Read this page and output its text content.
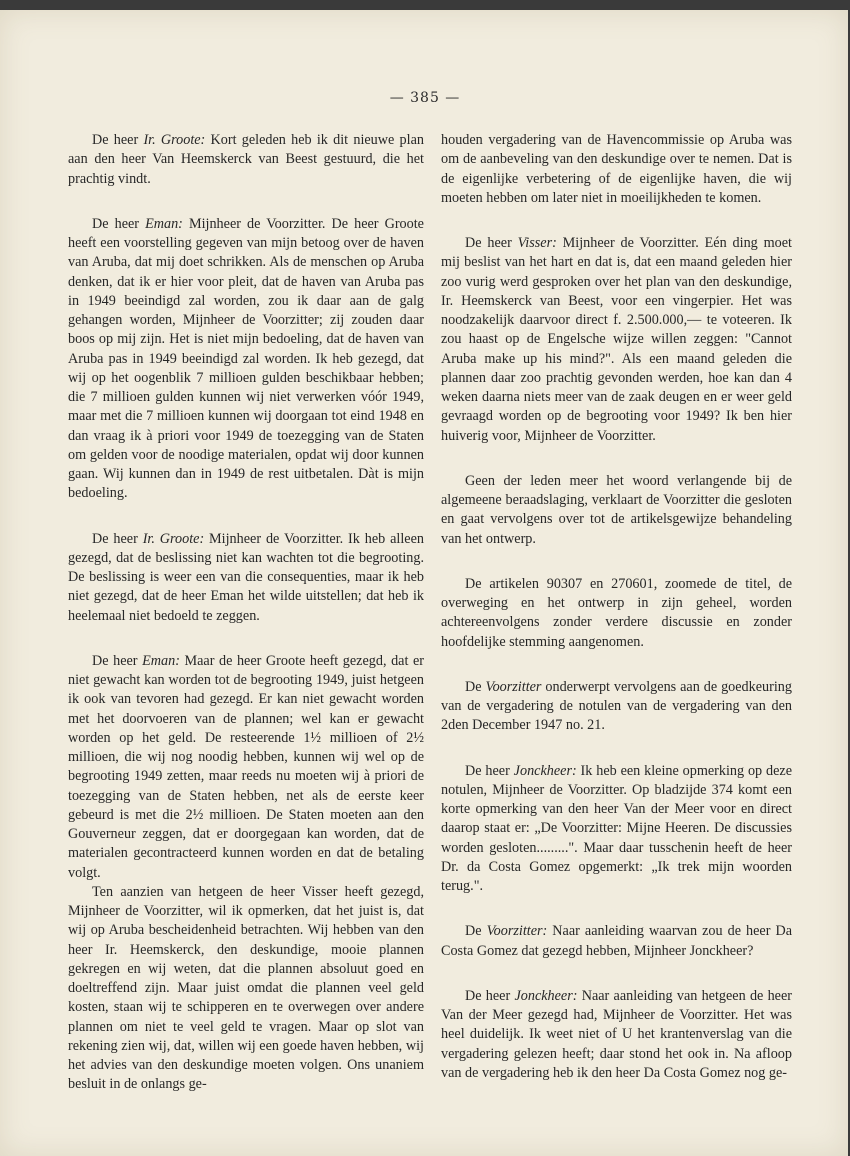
— 385 —

De heer Ir. Groote: Kort geleden heb ik dit nieuwe plan aan den heer Van Heemskerck van Beest gestuurd, die het prachtig vindt.

De heer Eman: Mijnheer de Voorzitter. De heer Groote heeft een voorstelling gegeven van mijn betoog over de haven van Aruba, dat mij doet schrikken. Als de menschen op Aruba denken, dat ik er hier voor pleit, dat de haven van Aruba pas in 1949 beeindigd zal worden, zou ik daar aan de galg gehangen worden, Mijnheer de Voorzitter; zij zouden daar boos op mij zijn. Het is niet mijn bedoeling, dat de haven van Aruba pas in 1949 beeindigd zal worden. Ik heb gezegd, dat wij op het oogenblik 7 millioen gulden beschikbaar hebben; die 7 millioen gulden kunnen wij niet verwerken vóór 1949, maar met die 7 millioen kunnen wij doorgaan tot eind 1948 en dan vraag ik à priori voor 1949 de toezegging van de Staten om gelden voor de noodige materialen, opdat wij door kunnen gaan. Wij kunnen dan in 1949 de rest uitbetalen. Dàt is mijn bedoeling.

De heer Ir. Groote: Mijnheer de Voorzitter. Ik heb alleen gezegd, dat de beslissing niet kan wachten tot die begrooting. De beslissing is weer een van die consequenties, maar ik heb niet gezegd, dat de heer Eman het wilde uitstellen; dat heb ik heelemaal niet bedoeld te zeggen.

De heer Eman: Maar de heer Groote heeft gezegd, dat er niet gewacht kan worden tot de begrooting 1949, juist hetgeen ik ook van tevoren had gezegd. Er kan niet gewacht worden met het doorvoeren van de plannen; wel kan er gewacht worden op het geld. De resteerende 1½ millioen of 2½ millioen, die wij nog noodig hebben, kunnen wij wel op de begrooting 1949 zetten, maar reeds nu moeten wij à priori de toezegging van de Staten hebben, net als de eerste keer gebeurd is met die 2½ millioen. De Staten moeten aan den Gouverneur zeggen, dat er doorgegaan kan worden, dat de materialen gecontracteerd kunnen worden en dat de betaling volgt.

Ten aanzien van hetgeen de heer Visser heeft gezegd, Mijnheer de Voorzitter, wil ik opmerken, dat het juist is, dat wij op Aruba bescheidenheid betrachten. Wij hebben van den heer Ir. Heemskerck, den deskundige, mooie plannen gekregen en wij weten, dat die plannen absoluut goed en doeltreffend zijn. Maar juist omdat die plannen veel geld kosten, staan wij te schipperen en te overwegen over andere plannen om niet te veel geld te vragen. Maar op slot van rekening zien wij, dat, willen wij een goede haven hebben, wij het advies van den deskundige moeten volgen. Ons unaniem besluit in de onlangs ge-

houden vergadering van de Havencommissie op Aruba was om de aanbeveling van den deskundige over te nemen. Dat is de eigenlijke verbetering of de eigenlijke haven, die wij moeten hebben om later niet in moeilijkheden te komen.

De heer Visser: Mijnheer de Voorzitter. Eén ding moet mij beslist van het hart en dat is, dat een maand geleden hier zoo vurig werd gesproken over het plan van den deskundige, Ir. Heemskerck van Beest, voor een vingerpier. Het was noodzakelijk daarvoor direct f. 2.500.000,— te voteeren. Ik zou haast op de Engelsche wijze willen zeggen: "Cannot Aruba make up his mind?". Als een maand geleden die plannen daar zoo prachtig gevonden werden, hoe kan dan 4 weken daarna niets meer van de zaak deugen en er weer geld gevraagd worden op de begrooting voor 1949? Ik ben hier huiverig voor, Mijnheer de Voorzitter.

Geen der leden meer het woord verlangende bij de algemeene beraadslaging, verklaart de Voorzitter die gesloten en gaat vervolgens over tot de artikelsgewijze behandeling van het ontwerp.

De artikelen 90307 en 270601, zoomede de titel, de overweging en het ontwerp in zijn geheel, worden achtereenvolgens zonder verdere discussie en zonder hoofdelijke stemming aangenomen.

De Voorzitter onderwerpt vervolgens aan de goedkeuring van de vergadering de notulen van de vergadering van den 2den December 1947 no. 21.

De heer Jonckheer: Ik heb een kleine opmerking op deze notulen, Mijnheer de Voorzitter. Op bladzijde 374 komt een korte opmerking van den heer Van der Meer voor en direct daarop staat er: „De Voorzitter: Mijne Heeren. De discussies worden gesloten.........". Maar daar tusschenin heeft de heer Dr. da Costa Gomez opgemerkt: „Ik trek mijn woorden terug.".

De Voorzitter: Naar aanleiding waarvan zou de heer Da Costa Gomez dat gezegd hebben, Mijnheer Jonckheer?

De heer Jonckheer: Naar aanleiding van hetgeen de heer Van der Meer gezegd had, Mijnheer de Voorzitter. Het was heel duidelijk. Ik weet niet of U het krantenverslag van die vergadering gelezen heeft; daar stond het ook in. Na afloop van de vergadering heb ik den heer Da Costa Gomez nog ge-
